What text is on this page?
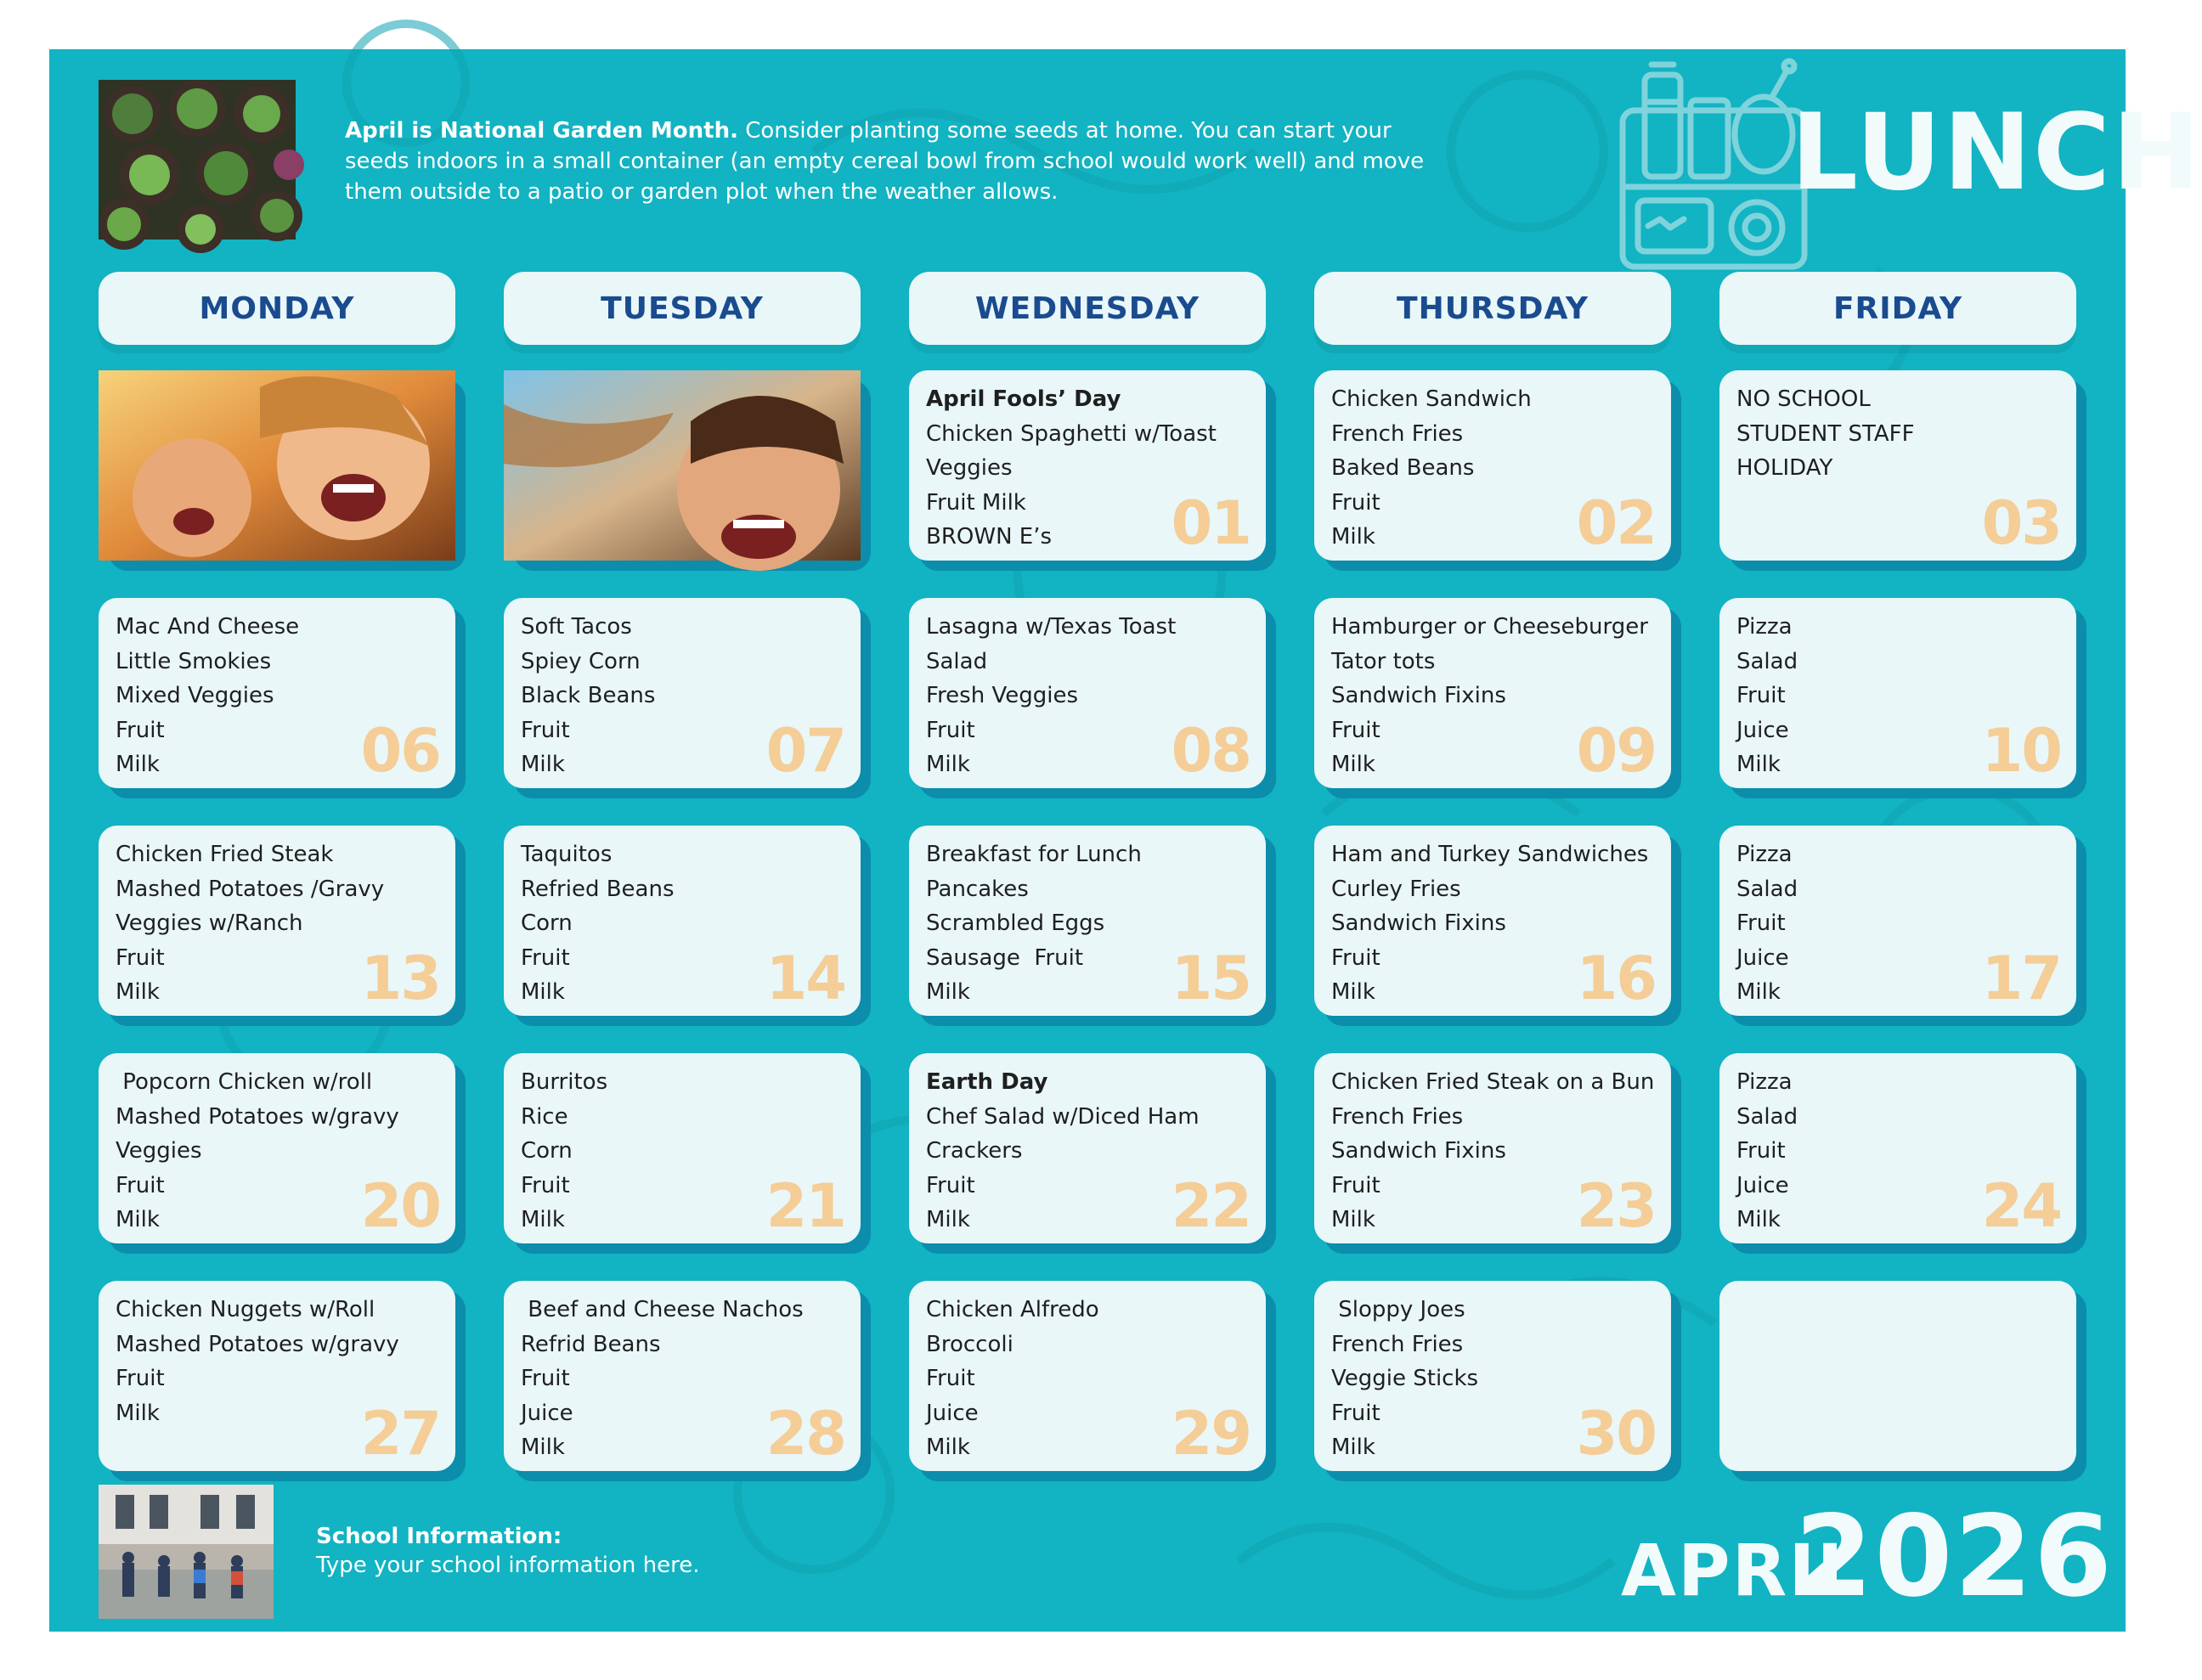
April is National Garden Month. Consider planting some seeds at home. You can start your seeds indoors in a small container (an empty cereal bowl from school would work well) and move them outside to a patio or garden plot when the weather allows.	LUNCH
MONDAY	TUESDAY	WEDNESDAY	THURSDAY	FRIDAY
April Fools’ Day
Chicken Spaghetti w/Toast
Veggies
Fruit Milk
BROWN E’s	01
Chicken Sandwich
French Fries
Baked Beans
Fruit
Milk	02
NO SCHOOL
STUDENT STAFF
HOLIDAY
03
Mac And Cheese
Little Smokies
Mixed Veggies
Fruit
Milk	06
Soft Tacos
Spiey Corn
Black Beans
Fruit
Milk	07
Lasagna w/Texas Toast
Salad
Fresh Veggies
Fruit
Milk	08
Hamburger or Cheeseburger
Tator tots
Sandwich Fixins
Fruit
Milk	09
Pizza
Salad
Fruit
Juice
Milk	10
Chicken Fried Steak
Mashed Potatoes /Gravy
Veggies w/Ranch
Fruit
Milk	13
Taquitos
Refried Beans
Corn
Fruit
Milk	14
Breakfast for Lunch
Pancakes
Scrambled Eggs
Sausage  Fruit
Milk	15
Ham and Turkey Sandwiches
Curley Fries
Sandwich Fixins
Fruit
Milk	16
Pizza
Salad
Fruit
Juice
Milk	17
Popcorn Chicken w/roll
Mashed Potatoes w/gravy
Veggies
Fruit
Milk	20
Burritos
Rice
Corn
Fruit
Milk	21
Earth Day
Chef Salad w/Diced Ham
Crackers
Fruit
Milk	22
Chicken Fried Steak on a Bun
French Fries
Sandwich Fixins
Fruit
Milk	23
Pizza
Salad
Fruit
Juice
Milk	24
Chicken Nuggets w/Roll
Mashed Potatoes w/gravy
Fruit
Milk	27
Beef and Cheese Nachos
Refrid Beans
Fruit
Juice
Milk	28
Chicken Alfredo
Broccoli
Fruit
Juice
Milk	29
Sloppy Joes
French Fries
Veggie Sticks
Fruit
Milk	30
School Information:
Type your school information here.	APRIL
2026
